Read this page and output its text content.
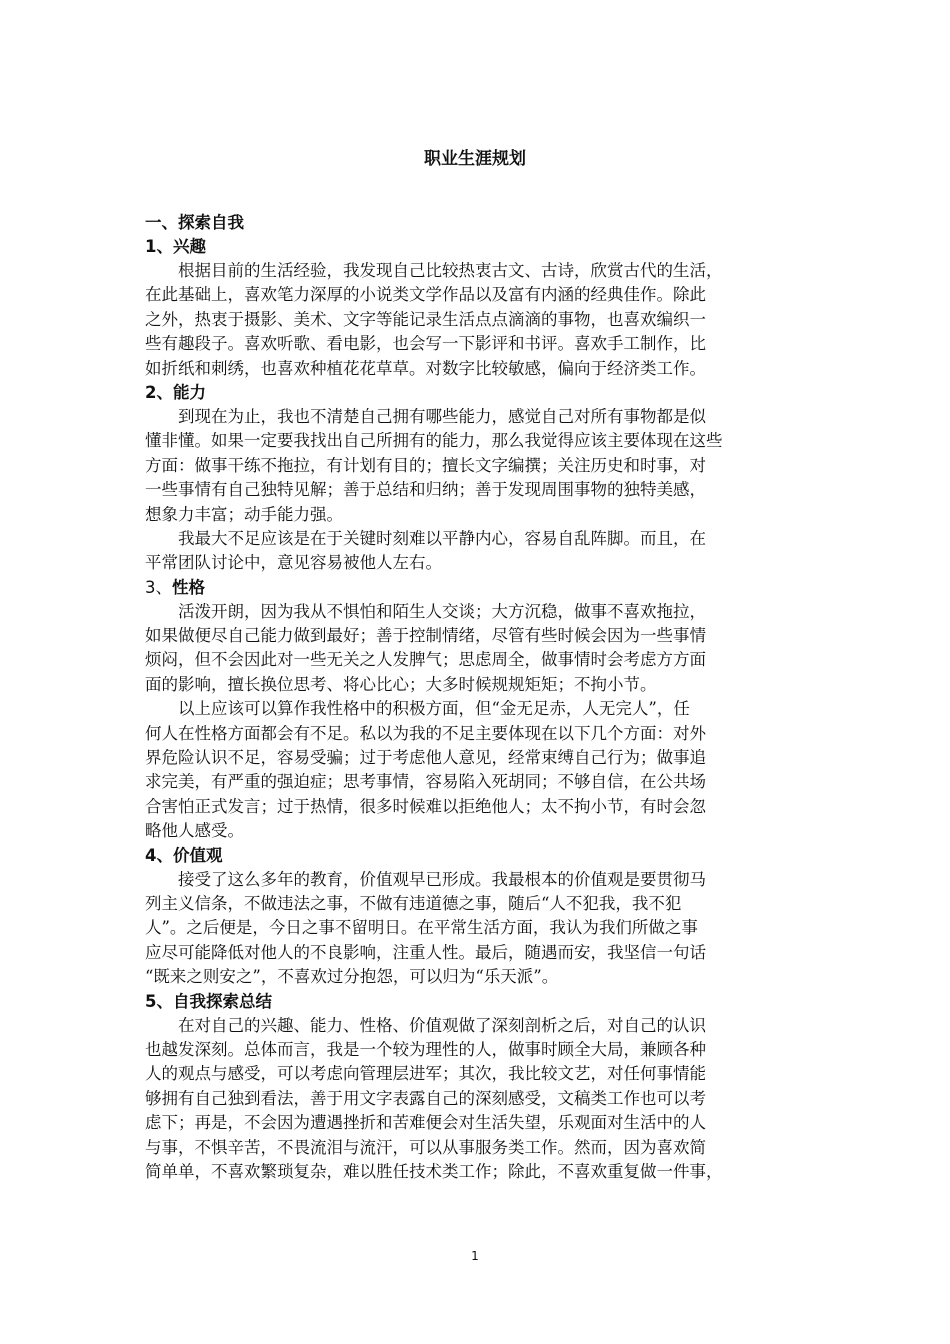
职业生涯规划
一、探索自我
1、兴趣
根据目前的生活经验，我发现自己比较热衷古文、古诗，欣赏古代的生活，
在此基础上，喜欢笔力深厚的小说类文学作品以及富有内涵的经典佳作。除此
之外，热衷于摄影、美术、文字等能记录生活点点滴滴的事物，也喜欢编织一
些有趣段子。喜欢听歌、看电影，也会写一下影评和书评。喜欢手工制作，比
如折纸和刺绣，也喜欢种植花花草草。对数字比较敏感，偏向于经济类工作。
2、能力
到现在为止，我也不清楚自己拥有哪些能力，感觉自己对所有事物都是似
懂非懂。如果一定要我找出自己所拥有的能力，那么我觉得应该主要体现在这些
方面：做事干练不拖拉，有计划有目的；擅长文字编撰；关注历史和时事，对
一些事情有自己独特见解；善于总结和归纳；善于发现周围事物的独特美感，
想象力丰富；动手能力强。
我最大不足应该是在于关键时刻难以平静内心，容易自乱阵脚。而且，在
平常团队讨论中，意见容易被他人左右。
3、性格
活泼开朗，因为我从不惧怕和陌生人交谈；大方沉稳，做事不喜欢拖拉，
如果做便尽自己能力做到最好；善于控制情绪，尽管有些时候会因为一些事情
烦闷，但不会因此对一些无关之人发脾气；思虑周全，做事情时会考虑方方面
面的影响，擅长换位思考、将心比心；大多时候规规矩矩；不拘小节。
以上应该可以算作我性格中的积极方面，但“金无足赤，人无完人”，任
何人在性格方面都会有不足。私以为我的不足主要体现在以下几个方面：对外
界危险认识不足，容易受骗；过于考虑他人意见，经常束缚自己行为；做事追
求完美，有严重的强迫症；思考事情，容易陷入死胡同；不够自信，在公共场
合害怕正式发言；过于热情，很多时候难以拒绝他人；太不拘小节，有时会忽
略他人感受。
4、价值观
接受了这么多年的教育，价值观早已形成。我最根本的价值观是要贯彻马
列主义信条，不做违法之事，不做有违道德之事，随后“人不犯我，我不犯
人”。之后便是，今日之事不留明日。在平常生活方面，我认为我们所做之事
应尽可能降低对他人的不良影响，注重人性。最后，随遇而安，我坚信一句话
“既来之则安之”，不喜欢过分抱怨，可以归为“乐天派”。
5、自我探索总结
在对自己的兴趣、能力、性格、价值观做了深刻剖析之后，对自己的认识
也越发深刻。总体而言，我是一个较为理性的人，做事时顾全大局，兼顾各种
人的观点与感受，可以考虑向管理层进军；其次，我比较文艺，对任何事情能
够拥有自己独到看法，善于用文字表露自己的深刻感受，文稿类工作也可以考
虑下；再是，不会因为遭遇挫折和苦难便会对生活失望，乐观面对生活中的人
与事，不惧辛苦，不畏流泪与流汗，可以从事服务类工作。然而，因为喜欢简
简单单，不喜欢繁琐复杂，难以胜任技术类工作；除此，不喜欢重复做一件事，
1
